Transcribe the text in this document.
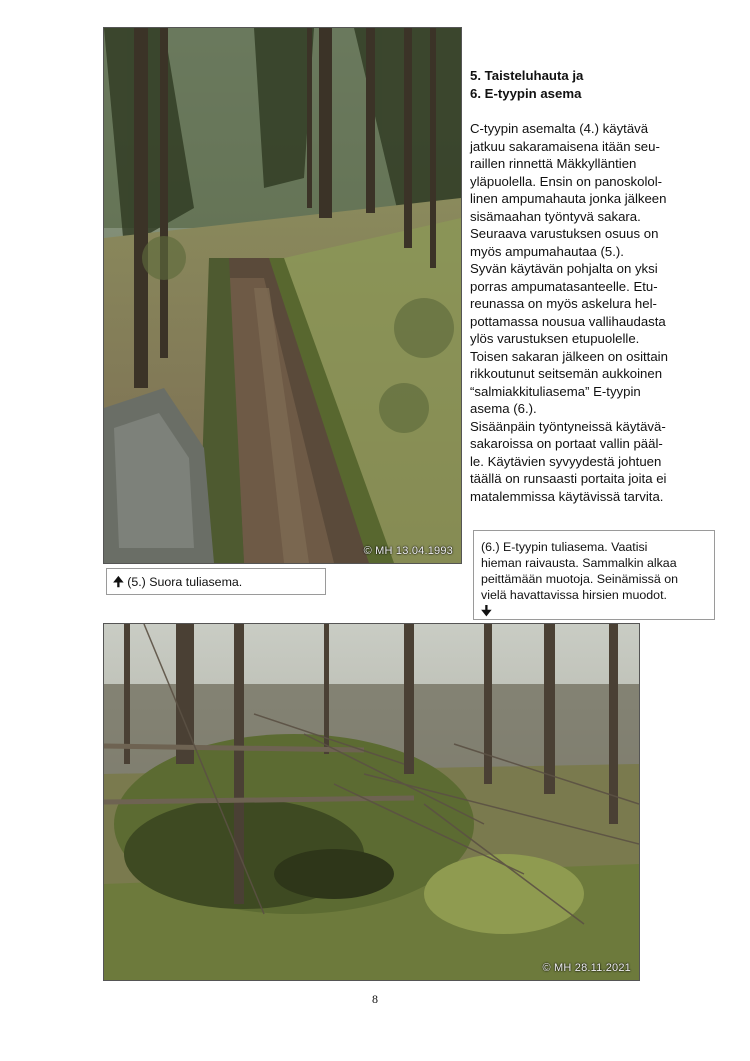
© MH 13.04.1993
5. Taisteluhauta ja
6. E-tyypin asema
C-tyypin asemalta (4.) käytävä
jatkuu sakaramaisena itään seu-
raillen rinnettä Mäkkylläntien
yläpuolella. Ensin on panoskolol-
linen ampumahauta jonka jälkeen
sisämaahan työntyvä sakara.
Seuraava varustuksen osuus on
myös ampumahautaa (5.).
Syvän käytävän pohjalta on yksi
porras ampumatasanteelle. Etu-
reunassa on myös askelura hel-
pottamassa nousua vallihaudasta
ylös varustuksen etupuolelle.
Toisen sakaran jälkeen on osittain
rikkoutunut seitsemän aukkoinen
“salmiakkituliasema” E-tyypin
asema (6.).
Sisäänpäin työntyneissä käytävä-
sakaroissa on portaat vallin pääl-
le. Käytävien syvyydestä johtuen
täällä on runsaasti portaita joita ei
matalemmissa käytävissä tarvita.
(6.) E-tyypin tuliasema. Vaatisi
hieman raivausta. Sammalkin alkaa
peittämään muotoja. Seinämissä on
vielä havattavissa hirsien muodot.
🠋
🠉 (5.) Suora tuliasema.
© MH 28.11.2021
8
